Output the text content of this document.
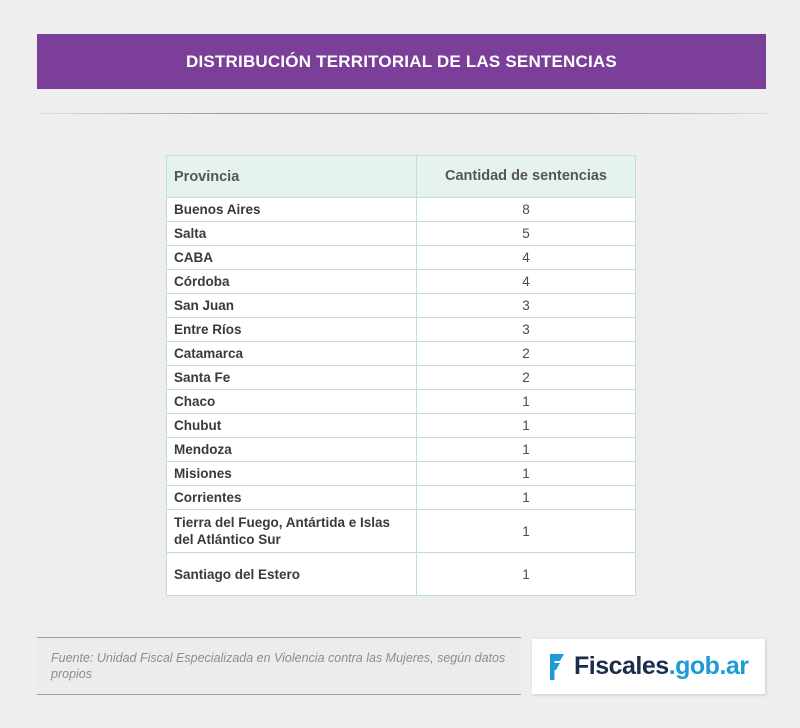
DISTRIBUCIÓN TERRITORIAL DE LAS SENTENCIAS
Provincia	Cantidad de sentencias
Buenos Aires	8
Salta	5
CABA	4
Córdoba	4
San Juan	3
Entre Ríos	3
Catamarca	2
Santa Fe	2
Chaco	1
Chubut	1
Mendoza	1
Misiones	1
Corrientes	1
Tierra del Fuego, Antártida e Islas del Atlántico Sur	1
Santiago del Estero	1
Fuente: Unidad Fiscal Especializada en Violencia contra las Mujeres, según datos propios	Fiscales.gob.ar
